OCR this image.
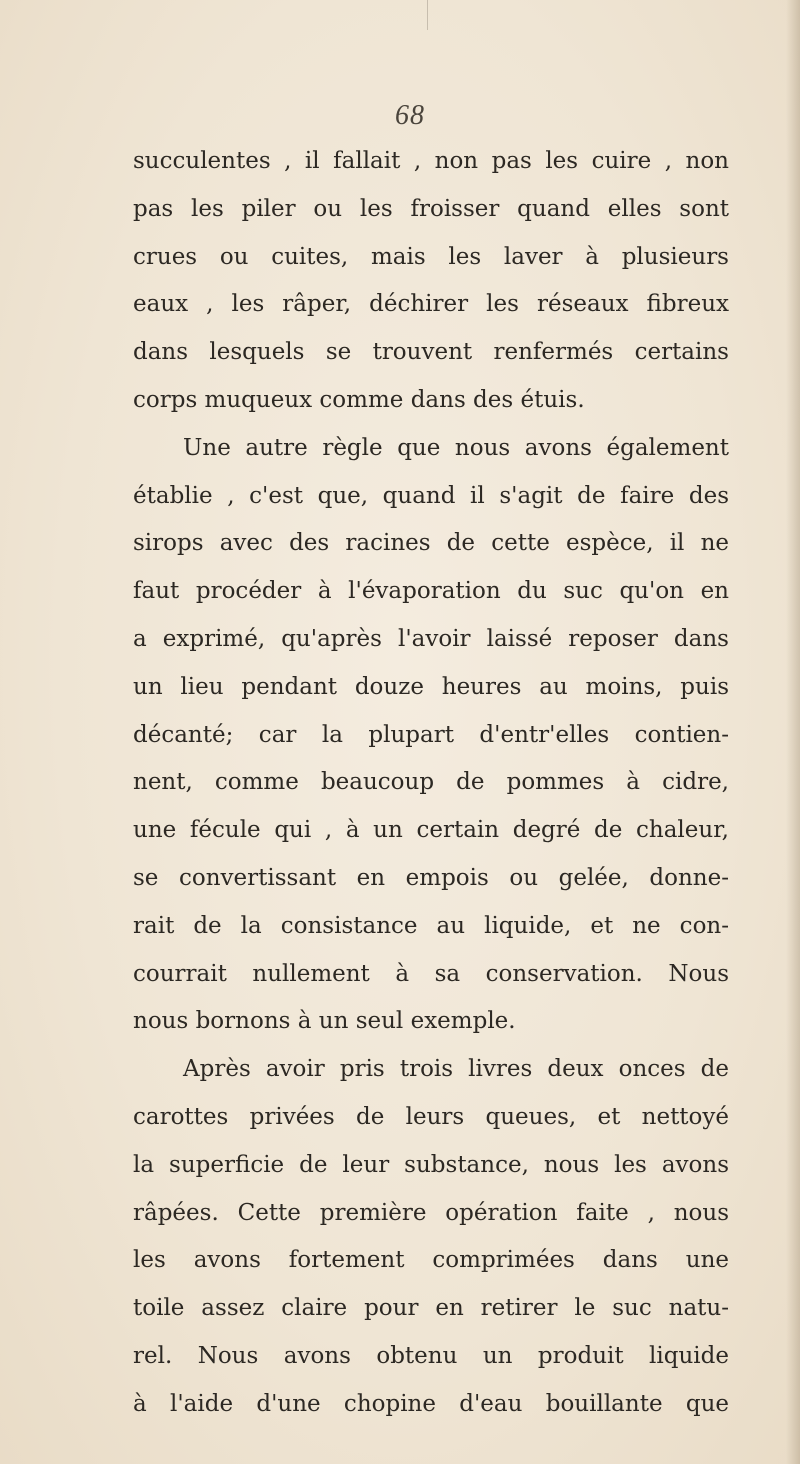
68
succulentes , il fallait , non pas les cuire , non
pas les piler ou les froisser quand elles sont
crues ou cuites, mais les laver à plusieurs
eaux , les râper, déchirer les réseaux fibreux
dans lesquels se trouvent renfermés certains
corps muqueux comme dans des étuis.
Une autre règle que nous avons également
établie , c'est que, quand il s'agit de faire des
sirops avec des racines de cette espèce, il ne
faut procéder à l'évaporation du suc qu'on en
a exprimé, qu'après l'avoir laissé reposer dans
un lieu pendant douze heures au moins, puis
décanté; car la plupart d'entr'elles contien-
nent, comme beaucoup de pommes à cidre,
une fécule qui , à un certain degré de chaleur,
se convertissant en empois ou gelée, donne-
rait de la consistance au liquide, et ne con-
courrait nullement à sa conservation. Nous
nous bornons à un seul exemple.
Après avoir pris trois livres deux onces de
carottes privées de leurs queues, et nettoyé
la superficie de leur substance, nous les avons
râpées. Cette première opération faite , nous
les avons fortement comprimées dans une
toile assez claire pour en retirer le suc natu-
rel. Nous avons obtenu un produit liquide
à l'aide d'une chopine d'eau bouillante que
